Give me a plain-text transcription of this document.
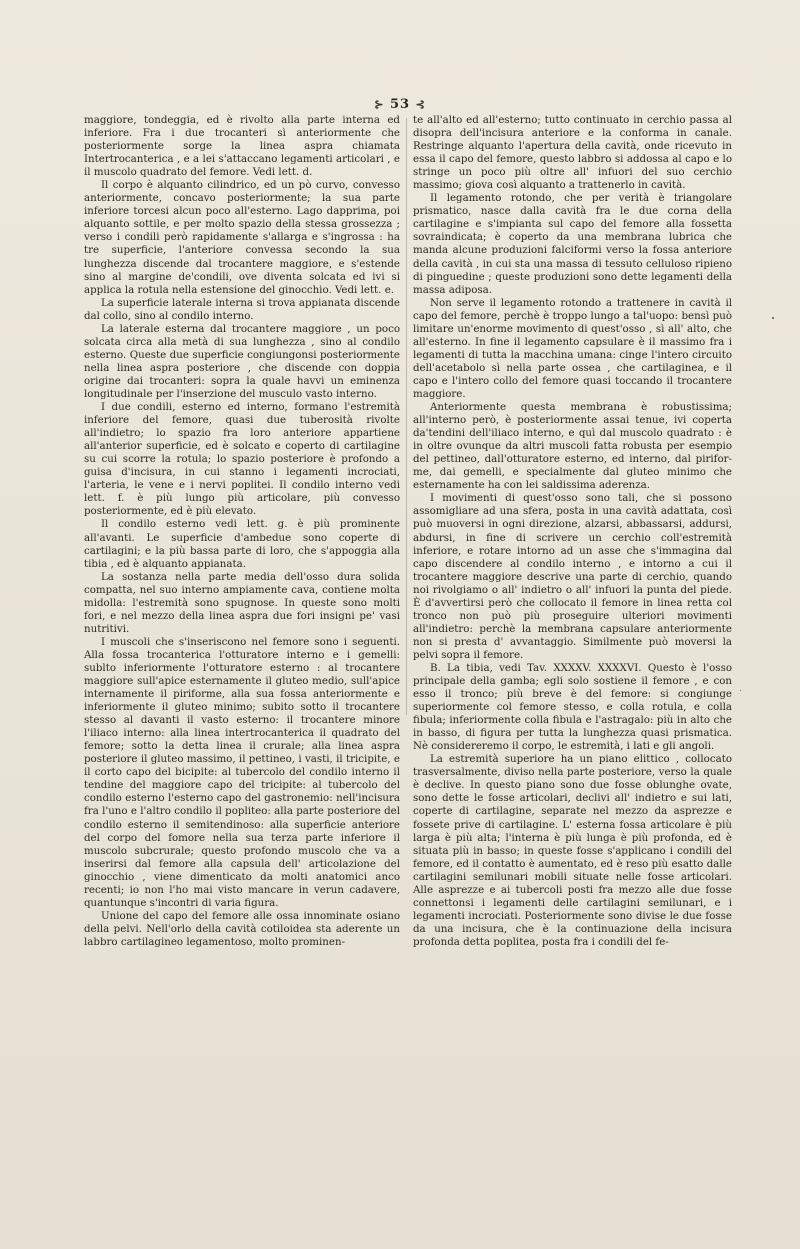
⊱ 53 ⊰

maggiore, tondeggia, ed è rivolto alla parte interna ed inferiore. Fra i due trocanteri sì anteriormente che posteriormente sorge la linea aspra chiamata Intertrocanterica , e a lei s'attaccano legamenti articolari , e il muscolo quadrato del femore. Vedi lett. d.

Il corpo è alquanto cilindrico, ed un pò curvo, convesso anteriormente, concavo posteriormente; la sua parte inferiore torcesi alcun poco all'esterno. Lago dapprima, poi alquanto sottile, e per molto spazio della stessa grossezza ; verso i condili però rapidamente s'allarga e s'ingrossa : ha tre superficie, l'anteriore convessa secondo la sua lunghezza discende dal trocantere maggiore, e s'estende sino al margine de'condili, ove diventa solcata ed ivi si applica la rotula nella estensione del ginocchio. Vedi lett. e.

La superficie laterale interna si trova appianata discende dal collo, sino al condilo interno.

La laterale esterna dal trocantere maggiore , un poco solcata circa alla metà di sua lunghezza , sino al condilo esterno. Queste due superficie congiungonsi posteriormente nella linea aspra posteriore , che discende con doppia origine dai trocanteri: sopra la quale havvi un eminenza longitudinale per l'inserzione del musculo vasto interno.

I due condili, esterno ed interno, formano l'estremità inferiore del femore, quasi due tuberosità rivolte all'indietro; lo spazio fra loro anteriore appartiene all'anterior superficie, ed è solcato e coperto di cartilagine su cui scorre la rotula; lo spazio posteriore è profondo a guisa d'incisura, in cui stanno i legamenti incrociati, l'arteria, le vene e i nervi poplitei. Il condilo interno vedi lett. f. è più lungo più articolare, più convesso posteriormente, ed è più elevato.

Il condilo esterno vedi lett. g. è più prominente all'avanti. Le superficie d'ambedue sono coperte di cartilagini; e la più bassa parte di loro, che s'appoggia alla tibia , ed è alquanto appianata.

La sostanza nella parte media dell'osso dura solida compatta, nel suo interno ampiamente cava, contiene molta midolla: l'estremità sono spugnose. In queste sono molti fori, e nel mezzo della linea aspra due fori insigni pe' vasi nutritivi.

I muscoli che s'inseriscono nel femore sono i seguenti. Alla fossa trocanterica l'otturatore interno e i gemelli: sublto inferiormente l'otturatore esterno : al trocantere maggiore sull'apice esternamente il gluteo medio, sull'apice internamente il piriforme, alla sua fossa anteriormente e inferiormente il gluteo minimo; subito sotto il trocantere stesso al davanti il vasto esterno: il trocantere minore l'iliaco interno: alla linea intertrocanterica il quadrato del femore; sotto la detta linea il crurale; alla linea aspra posteriore il gluteo massimo, il pettineo, i vasti, il tricipite, e il corto capo del bicipite: al tubercolo del condilo interno il tendine del maggiore capo del tricipite: al tubercolo del condilo esterno l'esterno capo del gastronemio: nell'incisura fra l'uno e l'altro condilo il popliteo: alla parte posteriore del condilo esterno il semitendinoso: alla superficie anteriore del corpo del fomore nella sua terza parte inferiore il muscolo subcrurale; questo profondo muscolo che va a inserirsi dal femore alla capsula dell' articolazione del ginocchio , viene dimenticato da molti anatomici anco recenti; io non l'ho mai visto mancare in verun cadavere, quantunque s'incontri di varia figura.

Unione del capo del femore alle ossa innominate osiano della pelvi. Nell'orlo della cavità cotiloidea sta aderente un labbro cartilagineo legamentoso, molto prominen-

te all'alto ed all'esterno; tutto continuato in cerchio passa al disopra dell'incisura anteriore e la conforma in canale. Restringe alquanto l'apertura della cavità, onde ricevuto in essa il capo del femore, questo labbro si addossa al capo e lo stringe un poco più oltre all' infuori del suo cerchio massimo; giova così alquanto a trattenerlo in cavità.

Il legamento rotondo, che per verità è triangolare prismatico, nasce dalla cavità fra le due corna della cartilagine e s'impianta sul capo del femore alla fossetta sovraindicata; è coperto da una membrana lubrica che manda alcune produzioni falciformi verso la fossa anteriore della cavità , in cui sta una massa di tessuto celluloso ripieno di pinguedine ; queste produzioni sono dette legamenti della massa adiposa.

Non serve il legamento rotondo a trattenere in cavità il capo del femore, perchè è troppo lungo a tal'uopo: bensì può limitare un'enorme movimento di quest'osso , sì all' alto, che all'esterno. In fine il legamento capsulare è il massimo fra i legamenti di tutta la macchina umana: cinge l'intero circuito dell'acetabolo sì nella parte ossea , che cartilaginea, e il capo e l'intero collo del femore quasi toccando il trocantere maggiore.

Anteriormente questa membrana è robustissima; all'interno però, è posteriormente assai tenue, ivi coperta da'tendini dell'iliaco interno, e quì dal muscolo quadrato : è in oltre ovunque da altri muscoli fatta robusta per esempio del pettineo, dall'otturatore esterno, ed interno, dal pirifor-me, dai gemelli, e specialmente dal gluteo minimo che esternamente ha con lei saldissima aderenza.

I movimenti di quest'osso sono tali, che si possono assomigliare ad una sfera, posta in una cavità adattata, così può muoversi in ogni direzione, alzarsi, abbassarsi, addursi, abdursi, in fine di scrivere un cerchio coll'estremità inferiore, e rotare intorno ad un asse che s'immagina dal capo discendere al condilo interno , e intorno a cui il trocantere maggiore descrive una parte di cerchio, quando noi rivolgiamo o all' indietro o all' infuori la punta del piede. È d'avvertirsi però che collocato il femore in linea retta col tronco non può più proseguire ulteriori movimenti all'indietro: perchè la membrana capsulare anteriormente non si presta d' avvantaggio. Similmente può moversi la pelvi sopra il femore.

B. La tibia, vedi Tav. XXXXV. XXXXVI. Questo è l'osso principale della gamba; egli solo sostiene il femore , e con esso il tronco; più breve è del femore: si congiunge superiormente col femore stesso, e colla rotula, e colla fibula; inferiormente colla fibula e l'astragalo: più in alto che in basso, di figura per tutta la lunghezza quasi prismatica. Nè considereremo il corpo, le estremità, i lati e gli angoli.

La estremità superiore ha un piano elittico , collocato trasversalmente, diviso nella parte posteriore, verso la quale è declive. In questo piano sono due fosse oblunghe ovate, sono dette le fosse articolari, declivi all' indietro e sui lati, coperte di cartilagine, separate nel mezzo da asprezze e fossete prive di cartilagine. L' esterna fossa articolare è più larga è più alta; l'interna è più lunga è più profonda, ed è situata più in basso; in queste fosse s'applicano i condili del femore, ed il contatto è aumentato, ed è reso più esatto dalle cartilagini semilunari mobili situate nelle fosse articolari. Alle asprezze e ai tubercoli posti fra mezzo alle due fosse connettonsi i legamenti delle cartilagini semilunari, e i legamenti incrociati. Posteriormente sono divise le due fosse da una incisura, che è la continuazione della incisura profonda detta poplitea, posta fra i condili del fe-
